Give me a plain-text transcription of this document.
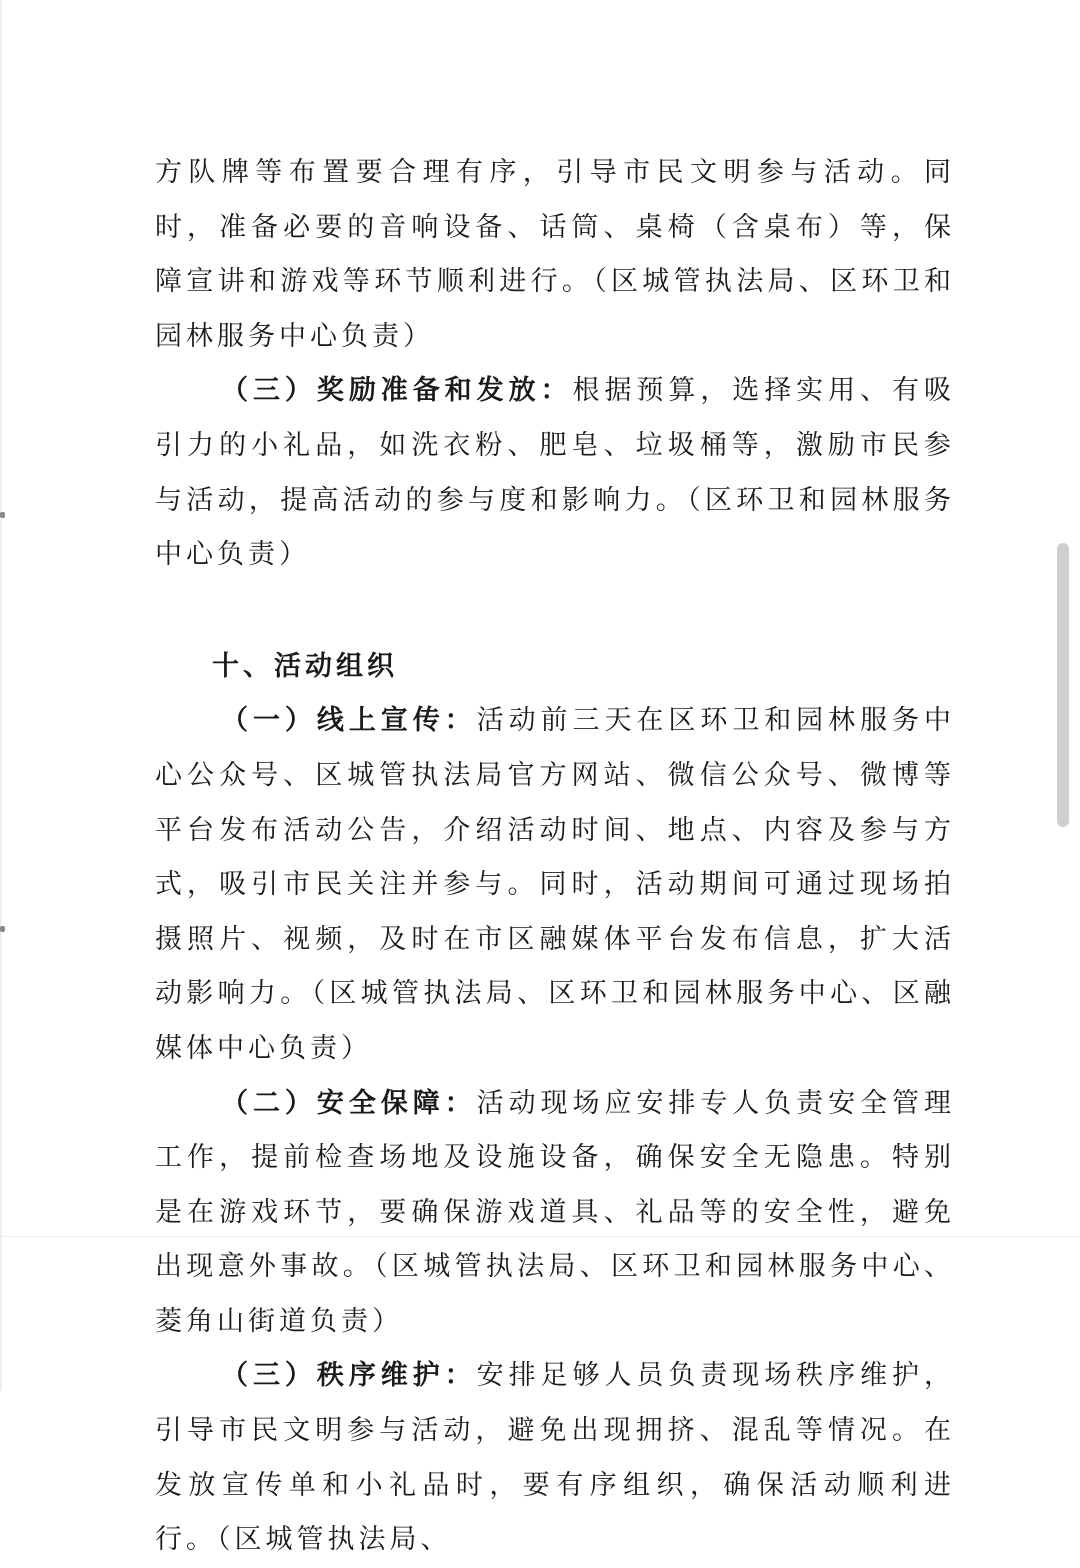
方队牌等布置要合理有序，引导市民文明参与活动。同时，准备必要的音响设备、话筒、桌椅（含桌布）等，保障宣讲和游戏等环节顺利进行。（区城管执法局、区环卫和园林服务中心负责）

（三）奖励准备和发放：根据预算，选择实用、有吸引力的小礼品，如洗衣粉、肥皂、垃圾桶等，激励市民参与活动，提高活动的参与度和影响力。（区环卫和园林服务中心负责）

十、活动组织

（一）线上宣传：活动前三天在区环卫和园林服务中心公众号、区城管执法局官方网站、微信公众号、微博等平台发布活动公告，介绍活动时间、地点、内容及参与方式，吸引市民关注并参与。同时，活动期间可通过现场拍摄照片、视频，及时在市区融媒体平台发布信息，扩大活动影响力。（区城管执法局、区环卫和园林服务中心、区融媒体中心负责）

（二）安全保障：活动现场应安排专人负责安全管理工作，提前检查场地及设施设备，确保安全无隐患。特别是在游戏环节，要确保游戏道具、礼品等的安全性，避免出现意外事故。（区城管执法局、区环卫和园林服务中心、菱角山街道负责）

（三）秩序维护：安排足够人员负责现场秩序维护，引导市民文明参与活动，避免出现拥挤、混乱等情况。在发放宣传单和小礼品时，要有序组织，确保活动顺利进行。（区城管执法局、
